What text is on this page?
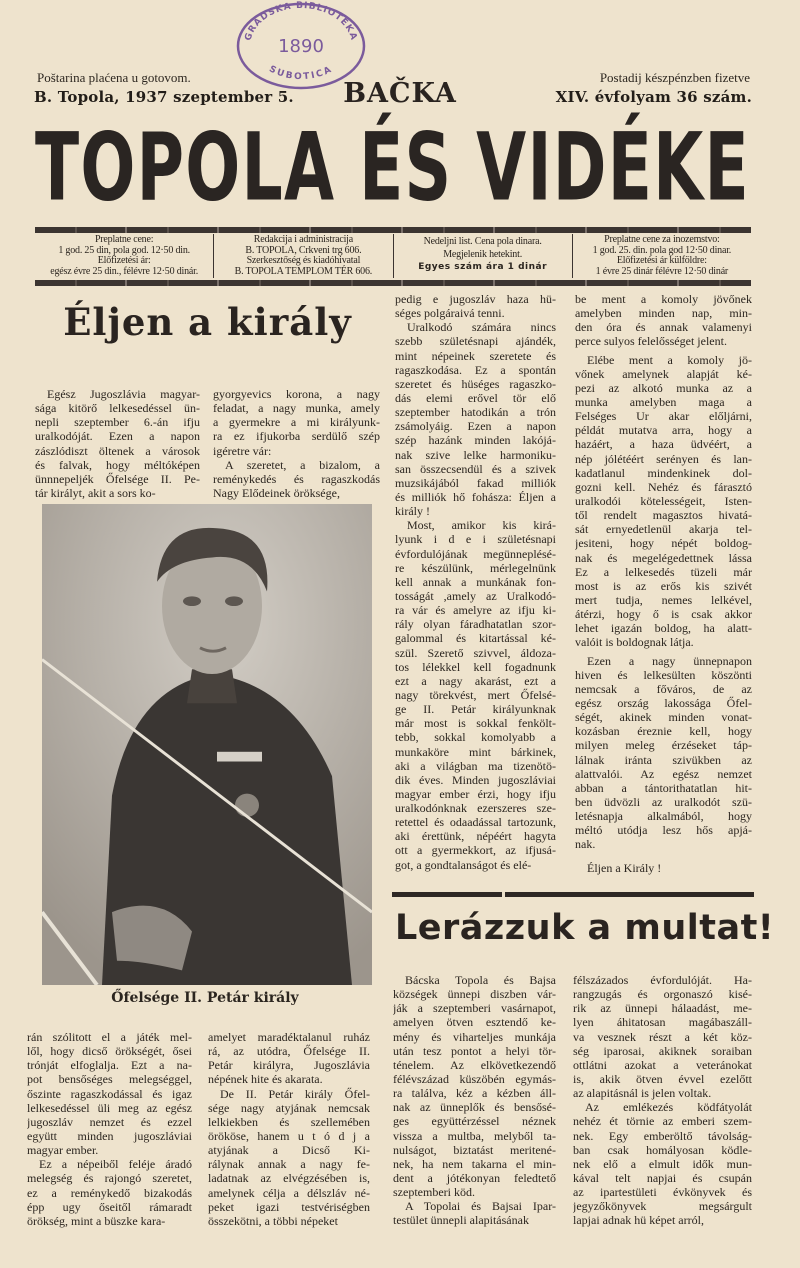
GRADSKA BIBLIOTEKA
1890
SUBOTICA
Poštarina plaćena u gotovom.
B. Topola, 1937 szeptember 5.	BAČKA
Postadij készpénzben fizetve
XIV. évfolyam 36 szám.
TOPOLA ÉS VIDÉKE
Preplatne cene:
1 god. 25 din, pola god. 12·50 din.
Előfizetési ár:
egész évre 25 din., félévre 12·50 dinár.
Redakcija i administracija
B. TOPOLA, Crkveni trg 606.
Szerkesztőség és kiadóhivatal
B. TOPOLA TEMPLOM TÉR 606.
Nedeljni list. Cena pola dinara.
Megjelenik hetekint.
Egyes szám ára 1 dinár
Preplatne cene za inozemstvo:
1 god. 25. din. pola god 12·50 dinar.
Előfizetési ár külföldre:
1 évre 25 dinár félévre 12·50 dinár
Éljen a király
Egész Jugoszlávia magyar-
sága kitörő lelkesedéssel ün-
nepli szeptember 6.-án ifju
uralkodóját. Ezen a napon
zászlódiszt öltenek a városok
és falvak, hogy méltóképen
ünnnepeljék Őfelsége II. Pe-
tár királyt, akit a sors ko-
gyorgyevics korona, a nagy
feladat, a nagy munka, amely
a gyermekre a mi királyunk-
ra ez ifjukorba serdülő szép
igéretre vár:
A szeretet, a bizalom, a
reménykedés és ragaszkodás
Nagy Elődeinek öröksége,
Őfelsége II. Petár király
rán szólitott el a játék mel-
lől, hogy dicső örökségét, ősei
trónját elfoglalja. Ezt a na-
pot bensőséges melegséggel,
őszinte ragaszkodással és igaz
lelkesedéssel üli meg az egész
jugoszláv nemzet és ezzel
együtt minden jugoszláviai
magyar ember.
Ez a népeiből feléje áradó
melegség és rajongó szeretet,
ez a reménykedő bizakodás
épp ugy őseitől rámaradt
örökség, mint a büszke kara-
amelyet maradéktalanul ruház
rá, az utódra, Őfelsége II.
Petár királyra, Jugoszlávia
népének hite és akarata.
De II. Petár király Őfel-
sége nagy atyjának nemcsak
lelkiekben és szellemében
örököse, hanem u t ó d j a
atyjának a Dicső Ki-
rálynak annak a nagy fe-
ladatnak az elvégzésében is,
amelynek célja a délszláv né-
peket igazi testvériségben
összekötni, a többi népeket
pedig e jugoszláv haza hü-
séges polgáraivá tenni.
Uralkodó számára nincs
szebb születésnapi ajándék,
mint népeinek szeretete és
ragaszkodása. Ez a spontán
szeretet és hüséges ragaszko-
dás elemi erővel tör elő
szeptember hatodikán a trón
zsámolyáig. Ezen a napon
szép hazánk minden lakójá-
nak szive lelke harmoniku-
san összecsendül és a szivek
muzsikájából fakad milliók
és milliók hő fohásza: Éljen a
király !
Most, amikor kis kirá-
lyunk i d e i születésnapi
évfordulójának megünneplésé-
re készülünk, mérlegelnünk
kell annak a munkának fon-
tosságát ,amely az Uralkodó-
ra vár és amelyre az ifju ki-
rály olyan fáradhatatlan szor-
galommal és kitartással ké-
szül. Szerető szivvel, áldoza-
tos lélekkel kell fogadnunk
ezt a nagy akarást, ezt a
nagy törekvést, mert Őfelsé-
ge II. Petár királyunknak
már most is sokkal fenkölt-
tebb, sokkal komolyabb a
munkaköre mint bárkinek,
aki a világban ma tizenötö-
dik éves. Minden jugoszláviai
magyar ember érzi, hogy ifju
uralkodónknak ezerszeres sze-
retettel és odaadással tartozunk,
aki érettünk, népéért hagyta
ott a gyermekkort, az ifjusá-
got, a gondtalanságot és elé-
be ment a komoly jövőnek
amelyben minden nap, min-
den óra és annak valamenyi
perce sulyos felelősséget jelent.
Elébe ment a komoly jö-
vőnek amelynek alapját ké-
pezi az alkotó munka az a
munka amelyben maga a
Felséges Ur akar előljárni,
példát mutatva arra, hogy a
hazáért, a haza üdvéért, a
nép jólétéért serényen és lan-
kadatlanul mindenkinek dol-
gozni kell. Nehéz és fárasztó
uralkodói kötelességeit, Isten-
től rendelt magasztos hivatá-
sát ernyedetlenül akarja tel-
jesiteni, hogy népét boldog-
nak és megelégedettnek lássa
Ez a lelkesedés tüzeli már
most is az erős kis szivét
mert tudja, nemes lelkével,
átérzi, hogy ő is csak akkor
lehet igazán boldog, ha alatt-
valóit is boldognak látja.
Ezen a nagy ünnepnapon
hiven és lelkesülten köszönti
nemcsak a főváros, de az
egész ország lakossága Őfel-
ségét, akinek minden vonat-
kozásban éreznie kell, hogy
milyen meleg érzéseket táp-
lálnak iránta szivükben az
alattvalói. Az egész nemzet
abban a tántorithatatlan hit-
ben üdvözli az uralkodót szü-
letésnapja alkalmából, hogy
méltó utódja lesz hős apjá-
nak.
Éljen a Király !
Lerázzuk a multat!
Bácska Topola és Bajsa
községek ünnepi diszben vár-
ják a szeptemberi vasárnapot,
amelyen ötven esztendő ke-
mény és viharteljes munkája
után tesz pontot a helyi tör-
ténelem. Az elkövetkezendő
félévszázad küszöbén egymás-
ra találva, kéz a kézben áll-
nak az ünneplők és bensősé-
ges együttérzéssel néznek
vissza a multba, melyből ta-
nulságot, biztatást meritené-
nek, ha nem takarna el min-
dent a jótékonyan feledtető
szeptemberi köd.
A Topolai és Bajsai Ipar-
testület ünnepli alapitásának
félszázados évfordulóját. Ha-
rangzugás és orgonaszó kisé-
rik az ünnepi hálaadást, me-
lyen áhitatosan magábaszáll-
va vesznek részt a két köz-
ség iparosai, akiknek soraiban
ottlátni azokat a veteránokat
is, akik ötven évvel ezelőtt
az alapitásnál is jelen voltak.
Az emlékezés ködfátyolát
nehéz ét törnie az emberi szem-
nek. Egy emberöltő távolság-
ban csak homályosan ködle-
nek elő a elmult idők mun-
kával telt napjai és csupán
az ipartestületi évkönyvek és
jegyzőkönyvek megsárgult
lapjai adnak hü képet arról,
